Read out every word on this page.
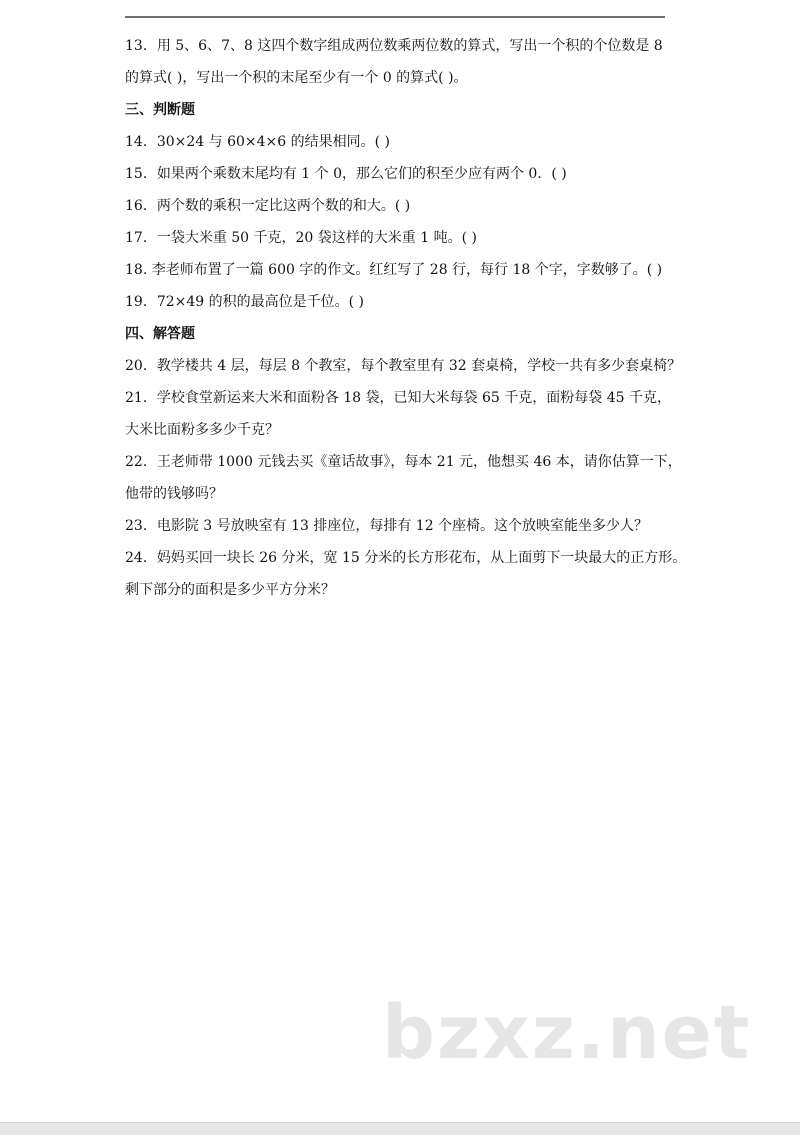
13．用 5、6、7、8 这四个数字组成两位数乘两位数的算式，写出一个积的个位数是 8
的算式( )，写出一个积的末尾至少有一个 0 的算式( )。
三、判断题
14．30×24 与 60×4×6 的结果相同。( )
15．如果两个乘数末尾均有 1 个 0，那么它们的积至少应有两个 0．( )
16．两个数的乘积一定比这两个数的和大。( )
17．一袋大米重 50 千克，20 袋这样的大米重 1 吨。( )
18. 李老师布置了一篇 600 字的作文。红红写了 28 行，每行 18 个字，字数够了。( )
19．72×49 的积的最高位是千位。( )
四、解答题
20．教学楼共 4 层，每层 8 个教室，每个教室里有 32 套桌椅，学校一共有多少套桌椅？
21．学校食堂新运来大米和面粉各 18 袋，已知大米每袋 65 千克，面粉每袋 45 千克，
大米比面粉多多少千克？
22．王老师带 1000 元钱去买《童话故事》，每本 21 元，他想买 46 本，请你估算一下，
他带的钱够吗？
23．电影院 3 号放映室有 13 排座位，每排有 12 个座椅。这个放映室能坐多少人？
24．妈妈买回一块长 26 分米，宽 15 分米的长方形花布，从上面剪下一块最大的正方形。
剩下部分的面积是多少平方分米？
bzxz.net
